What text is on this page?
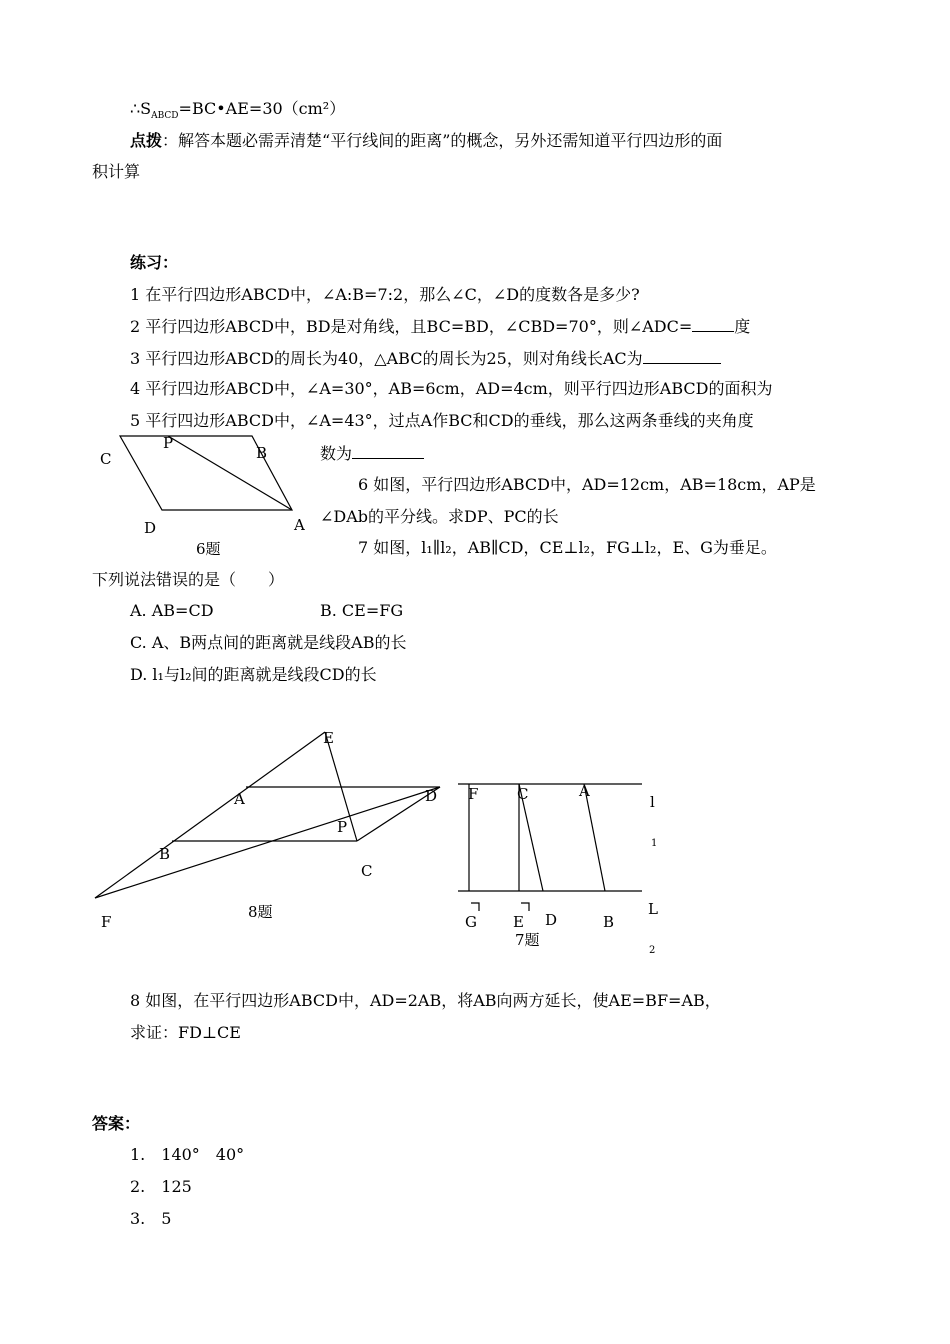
$\therefore S_{ABCD}=BC•AE=30(cm^2)$
点拨：解答本题必需弄清楚“平行线间的距离”的概念，另外还需知道平行四边形的面
积计算
练习：
1 在平行四边形ABCD中，∠A:B=7:2，那么∠C，∠D的度数各是多少?
2 平行四边形ABCD中，BD是对角线，且BC=BD，∠CBD=70°，则∠ADC=	度
3 平行四边形ABCD的周长为40，△ABC的周长为25，则对角线长AC为
4 平行四边形ABCD中，∠A=30°，AB=6cm，AD=4cm，则平行四边形ABCD的面积为
5 平行四边形ABCD中，∠A=43°，过点A作BC和CD的垂线，那么这两条垂线的夹角度
数为
6 如图，平行四边形ABCD中，AD=12cm，AB=18cm，AP是
∠DAb的平分线。求DP、PC的长
7 如图，l₁∥l₂，AB∥CD，CE⊥l₂，FG⊥l₂，E、G为垂足。
下列说法错误的是（　　）
A. AB=CD	B. CE=FG
C. A、B两点间的距离就是线段AB的长
D. l₁与l₂间的距离就是线段CD的长
C
P
B
D	A
6题
E
A	D
P
B
C
F
8题
F	C	A
l
1
G E D	B
L
2
7题
8 如图，在平行四边形ABCD中，AD=2AB，将AB向两方延长，使AE=BF=AB，
求证：FD⊥CE
答案：
1.　140°　40°
2.　125
3.　5
